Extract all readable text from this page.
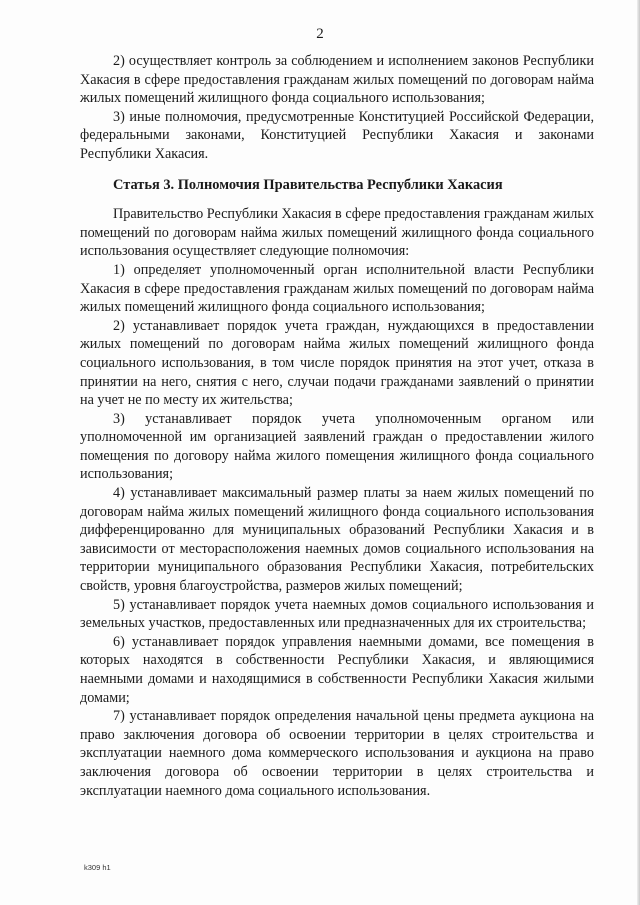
2

2) осуществляет контроль за соблюдением и исполнением законов Республики Хакасия в сфере предоставления гражданам жилых помещений по договорам найма жилых помещений жилищного фонда социального использования;

3) иные полномочия, предусмотренные Конституцией Российской Федерации, федеральными законами, Конституцией Республики Хакасия и законами Республики Хакасия.

Статья 3. Полномочия Правительства Республики Хакасия

Правительство Республики Хакасия в сфере предоставления гражданам жилых помещений по договорам найма жилых помещений жилищного фонда социального использования осуществляет следующие полномочия:

1) определяет уполномоченный орган исполнительной власти Республики Хакасия в сфере предоставления гражданам жилых помещений по договорам найма жилых помещений жилищного фонда социального использования;

2) устанавливает порядок учета граждан, нуждающихся в предоставлении жилых помещений по договорам найма жилых помещений жилищного фонда социального использования, в том числе порядок принятия на этот учет, отказа в принятии на него, снятия с него, случаи подачи гражданами заявлений о принятии на учет не по месту их жительства;

3) устанавливает порядок учета уполномоченным органом или уполномоченной им организацией заявлений граждан о предоставлении жилого помещения по договору найма жилого помещения жилищного фонда социального использования;

4) устанавливает максимальный размер платы за наем жилых помещений по договорам найма жилых помещений жилищного фонда социального использования дифференцированно для муниципальных образований Республики Хакасия и в зависимости от месторасположения наемных домов социального использования на территории муниципального образования Республики Хакасия, потребительских свойств, уровня благоустройства, размеров жилых помещений;

5) устанавливает порядок учета наемных домов социального использования и земельных участков, предоставленных или предназначенных для их строительства;

6) устанавливает порядок управления наемными домами, все помещения в которых находятся в собственности Республики Хакасия, и являющимися наемными домами и находящимися в собственности Республики Хакасия жилыми домами;

7) устанавливает порядок определения начальной цены предмета аукциона на право заключения договора об освоении территории в целях строительства и эксплуатации наемного дома коммерческого использования и аукциона на право заключения договора об освоении территории в целях строительства и эксплуатации наемного дома социального использования.

k309 h1
